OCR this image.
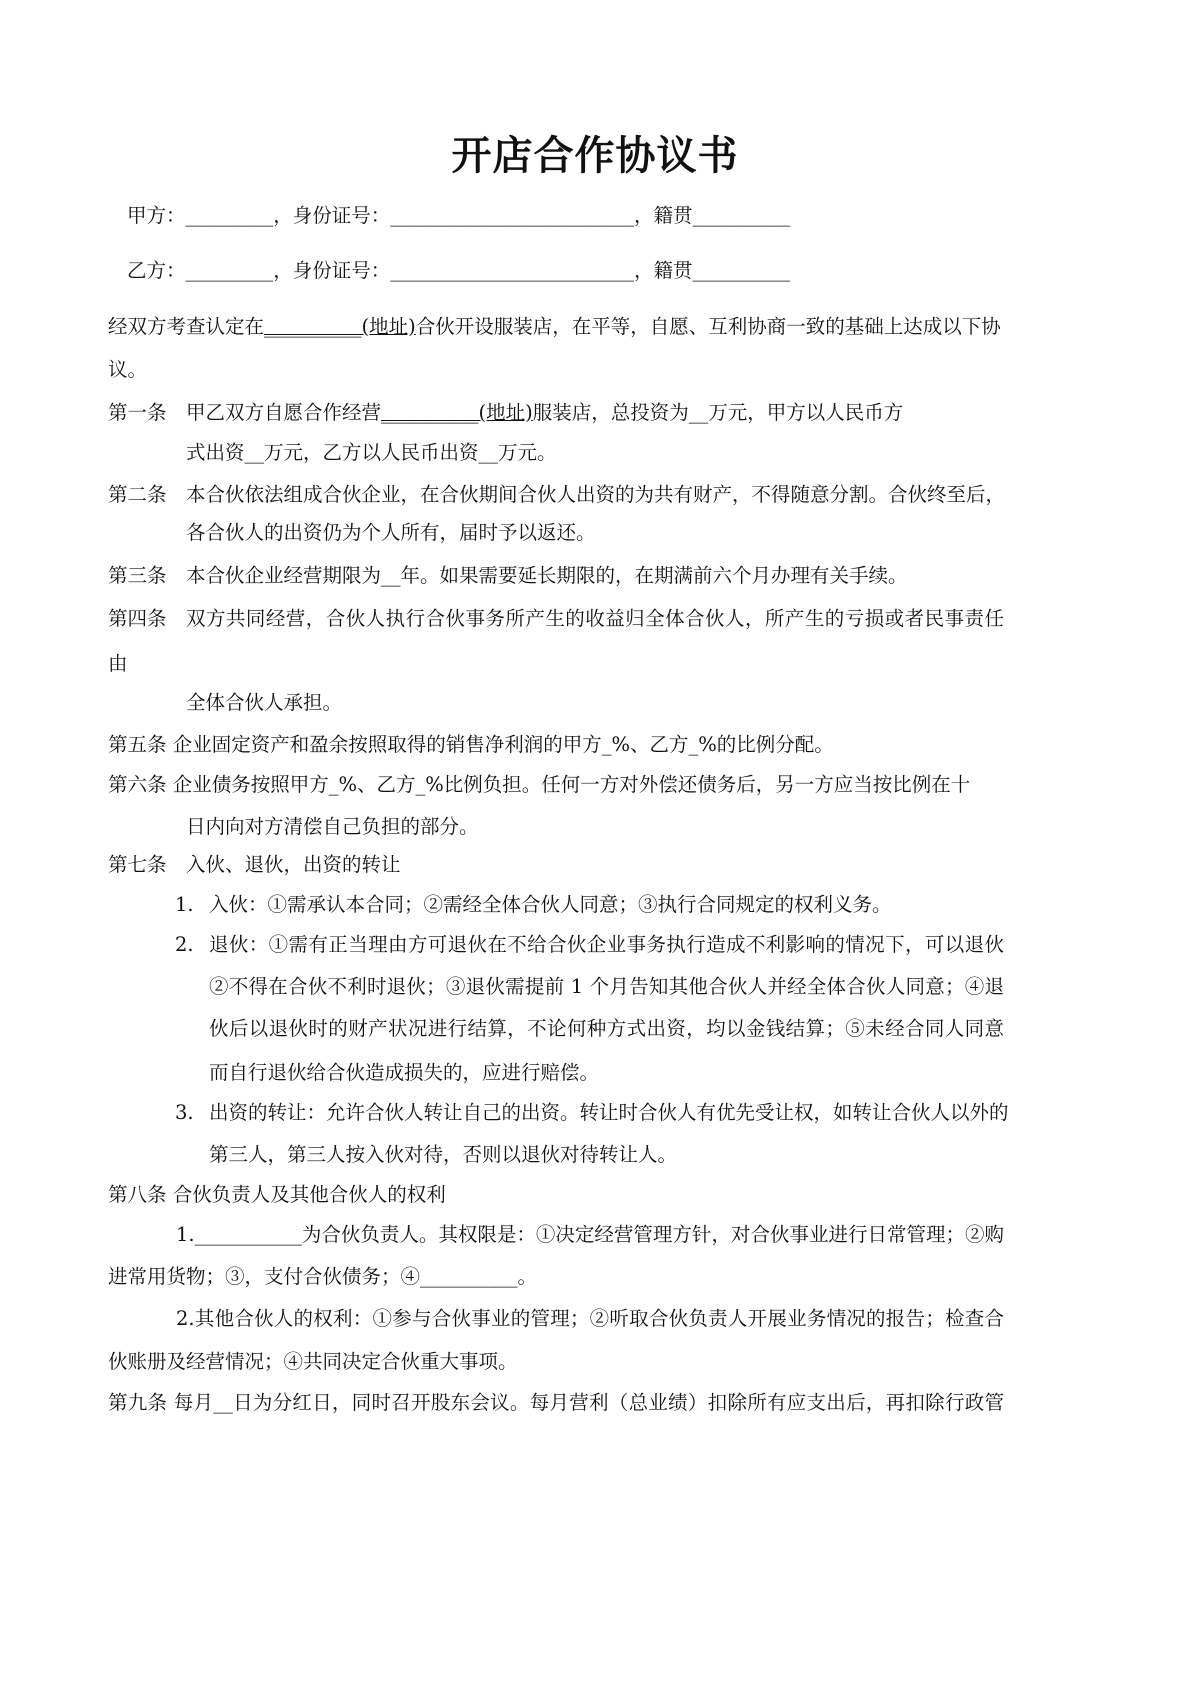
开店合作协议书
甲方：_________，身份证号：_________________________，籍贯__________
乙方：_________，身份证号：_________________________，籍贯__________
经双方考查认定在__________(地址)合伙开设服装店，在平等，自愿、互利协商一致的基础上达成以下协
议。
第一条 甲乙双方自愿合作经营__________(地址)服装店，总投资为__万元，甲方以人民币方
式出资__万元，乙方以人民币出资__万元。
第二条 本合伙依法组成合伙企业，在合伙期间合伙人出资的为共有财产，不得随意分割。合伙终至后，
各合伙人的出资仍为个人所有，届时予以返还。
第三条 本合伙企业经营期限为__年。如果需要延长期限的，在期满前六个月办理有关手续。
第四条 双方共同经营，合伙人执行合伙事务所产生的收益归全体合伙人，所产生的亏损或者民事责任
由
全体合伙人承担。
第五条 企业固定资产和盈余按照取得的销售净利润的甲方_%、乙方_%的比例分配。
第六条 企业债务按照甲方_%、乙方_%比例负担。任何一方对外偿还债务后，另一方应当按比例在十
日内向对方清偿自己负担的部分。
第七条 入伙、退伙，出资的转让
1. 入伙：①需承认本合同；②需经全体合伙人同意；③执行合同规定的权利义务。
2. 退伙：①需有正当理由方可退伙在不给合伙企业事务执行造成不利影响的情况下，可以退伙
②不得在合伙不利时退伙；③退伙需提前 1 个月告知其他合伙人并经全体合伙人同意；④退
伙后以退伙时的财产状况进行结算，不论何种方式出资，均以金钱结算；⑤未经合同人同意
而自行退伙给合伙造成损失的，应进行赔偿。
3. 出资的转让：允许合伙人转让自己的出资。转让时合伙人有优先受让权，如转让合伙人以外的
第三人，第三人按入伙对待，否则以退伙对待转让人。
第八条 合伙负责人及其他合伙人的权利
1.___________为合伙负责人。其权限是：①决定经营管理方针，对合伙事业进行日常管理；②购
进常用货物；③，支付合伙债务；④__________。
2.其他合伙人的权利：①参与合伙事业的管理；②听取合伙负责人开展业务情况的报告；检查合
伙账册及经营情况；④共同决定合伙重大事项。
第九条 每月__日为分红日，同时召开股东会议。每月营利（总业绩）扣除所有应支出后，再扣除行政管
